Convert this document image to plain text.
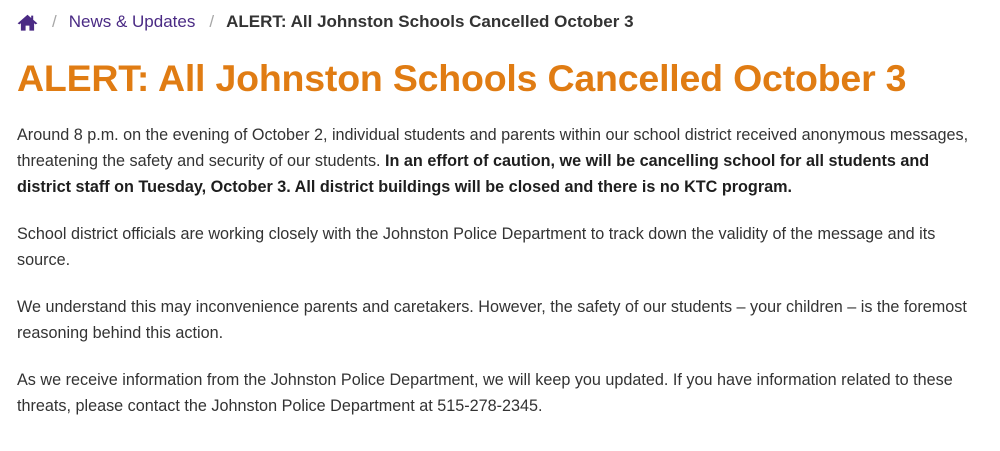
/ News & Updates / ALERT: All Johnston Schools Cancelled October 3
ALERT: All Johnston Schools Cancelled October 3

Around 8 p.m. on the evening of October 2, individual students and parents within our school district received anonymous messages, threatening the safety and security of our students. In an effort of caution, we will be cancelling school for all students and district staff on Tuesday, October 3. All district buildings will be closed and there is no KTC program.

School district officials are working closely with the Johnston Police Department to track down the validity of the message and its source.

We understand this may inconvenience parents and caretakers. However, the safety of our students – your children – is the foremost reasoning behind this action.

As we receive information from the Johnston Police Department, we will keep you updated. If you have information related to these threats, please contact the Johnston Police Department at 515-278-2345.
